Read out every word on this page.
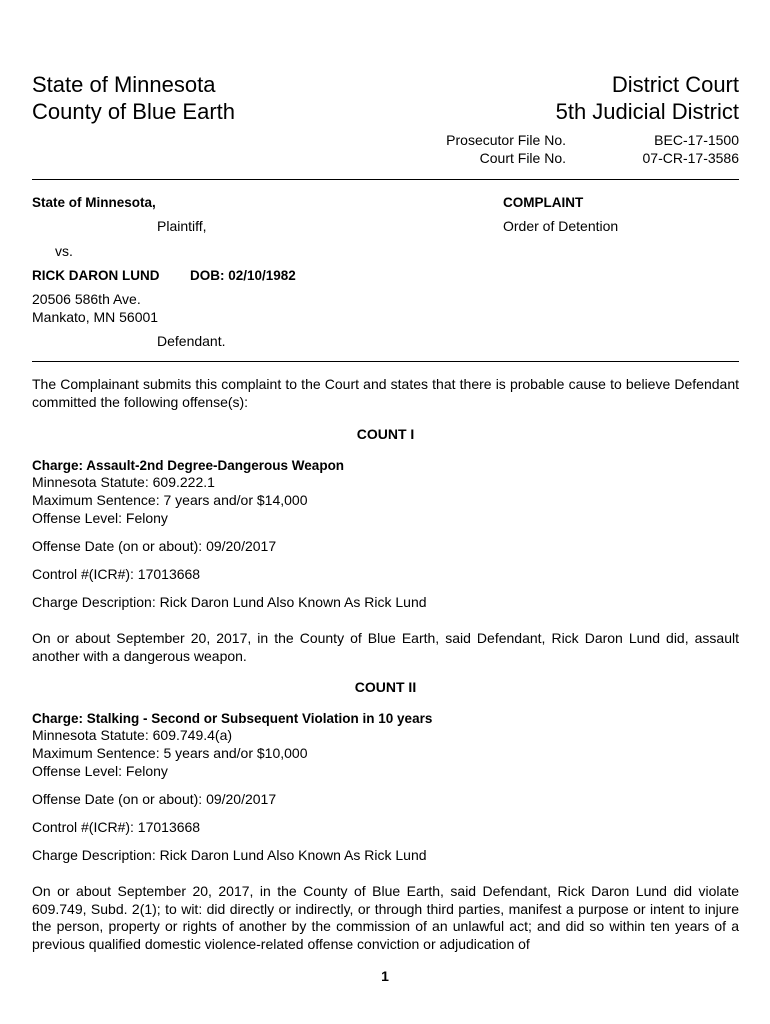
State of Minnesota
County of Blue Earth
District Court
5th Judicial District
Prosecutor File No.	BEC-17-1500
Court File No.	07-CR-17-3586
State of Minnesota,
Plaintiff,
vs.
RICK DARON LUND DOB: 02/10/1982
20506 586th Ave.
Mankato, MN 56001
Defendant.
COMPLAINT
Order of Detention
The Complainant submits this complaint to the Court and states that there is probable cause to believe Defendant committed the following offense(s):
COUNT I
Charge: Assault-2nd Degree-Dangerous Weapon
Minnesota Statute: 609.222.1
Maximum Sentence: 7 years and/or $14,000
Offense Level: Felony
Offense Date (on or about): 09/20/2017
Control #(ICR#): 17013668
Charge Description: Rick Daron Lund Also Known As Rick Lund
On or about September 20, 2017, in the County of Blue Earth, said Defendant, Rick Daron Lund did, assault another with a dangerous weapon.
COUNT II
Charge: Stalking - Second or Subsequent Violation in 10 years
Minnesota Statute: 609.749.4(a)
Maximum Sentence: 5 years and/or $10,000
Offense Level: Felony
Offense Date (on or about): 09/20/2017
Control #(ICR#): 17013668
Charge Description: Rick Daron Lund Also Known As Rick Lund
On or about September 20, 2017, in the County of Blue Earth, said Defendant, Rick Daron Lund did violate 609.749, Subd. 2(1); to wit: did directly or indirectly, or through third parties, manifest a purpose or intent to injure the person, property or rights of another by the commission of an unlawful act; and did so within ten years of a previous qualified domestic violence-related offense conviction or adjudication of
1
